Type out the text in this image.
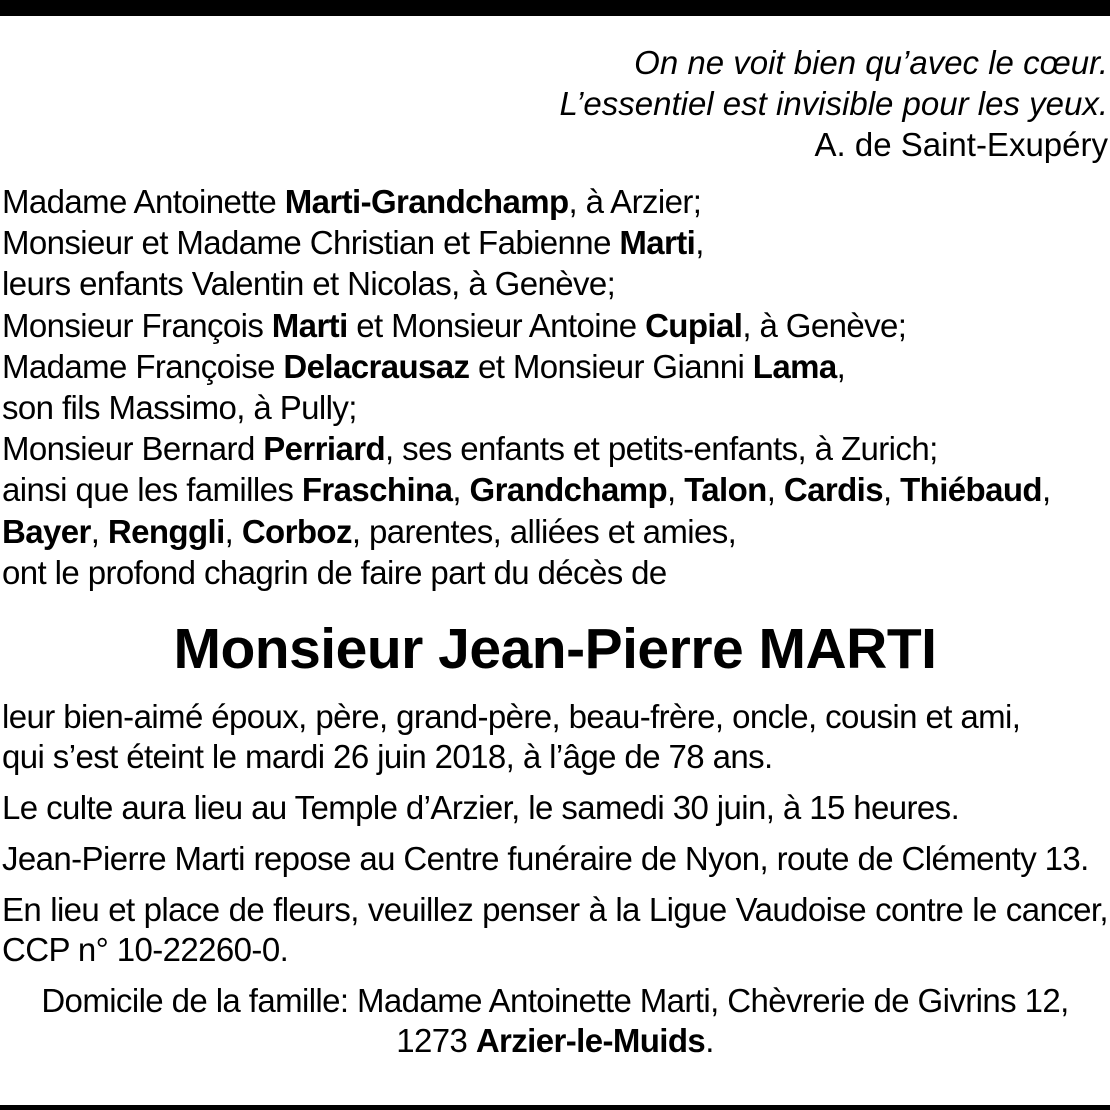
On ne voit bien qu’avec le cœur.
L’essentiel est invisible pour les yeux.
A. de Saint-Exupéry
Madame Antoinette Marti-Grandchamp, à Arzier;
Monsieur et Madame Christian et Fabienne Marti,
leurs enfants Valentin et Nicolas, à Genève;
Monsieur François Marti et Monsieur Antoine Cupial, à Genève;
Madame Françoise Delacrausaz et Monsieur Gianni Lama,
son fils Massimo, à Pully;
Monsieur Bernard Perriard, ses enfants et petits-enfants, à Zurich;
ainsi que les familles Fraschina, Grandchamp, Talon, Cardis, Thiébaud,
Bayer, Renggli, Corboz, parentes, alliées et amies,
ont le profond chagrin de faire part du décès de
Monsieur Jean-Pierre MARTI

leur bien-aimé époux, père, grand-père, beau-frère, oncle, cousin et ami,
qui s’est éteint le mardi 26 juin 2018, à l’âge de 78 ans.

Le culte aura lieu au Temple d’Arzier, le samedi 30 juin, à 15 heures.

Jean-Pierre Marti repose au Centre funéraire de Nyon, route de Clémenty 13.

En lieu et place de fleurs, veuillez penser à la Ligue Vaudoise contre le cancer, CCP n° 10-22260-0.

Domicile de la famille: Madame Antoinette Marti, Chèvrerie de Givrins 12,
1273 Arzier-le-Muids.
